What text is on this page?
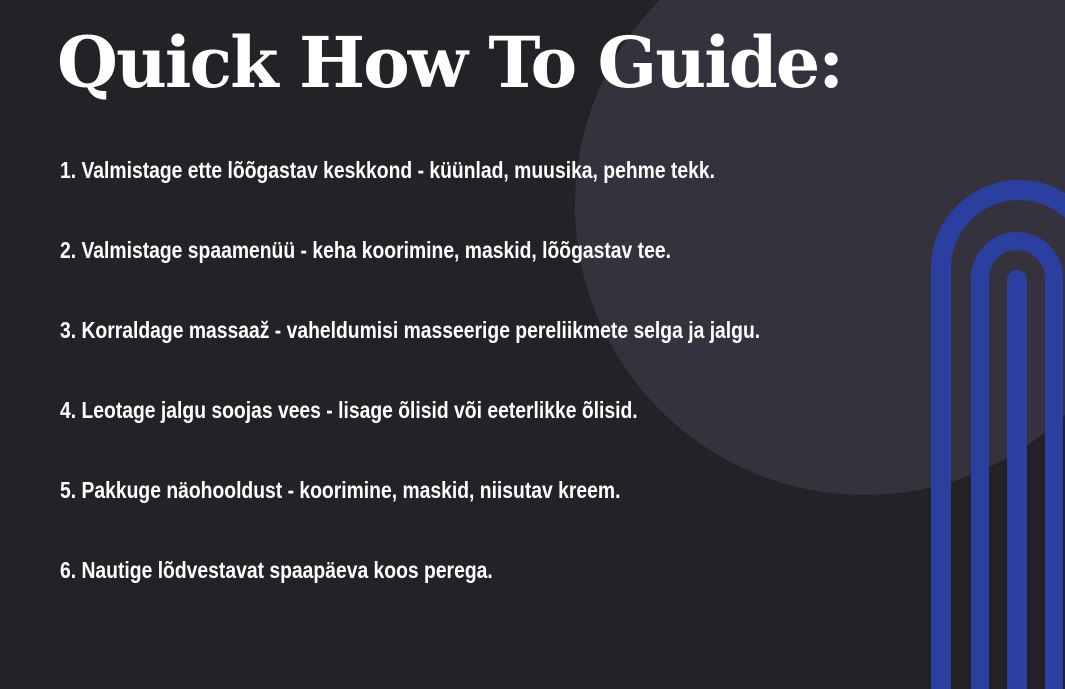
Quick How To Guide:
1. Valmistage ette lõõgastav keskkond - küünlad, muusika, pehme tekk.
2. Valmistage spaamenüü - keha koorimine, maskid, lõõgastav tee.
3. Korraldage massaaž - vaheldumisi masseerige pereliikmete selga ja jalgu.
4. Leotage jalgu soojas vees - lisage õlisid või eeterlikke õlisid.
5. Pakkuge näohooldust - koorimine, maskid, niisutav kreem.
6. Nautige lõdvestavat spaapäeva koos perega.
